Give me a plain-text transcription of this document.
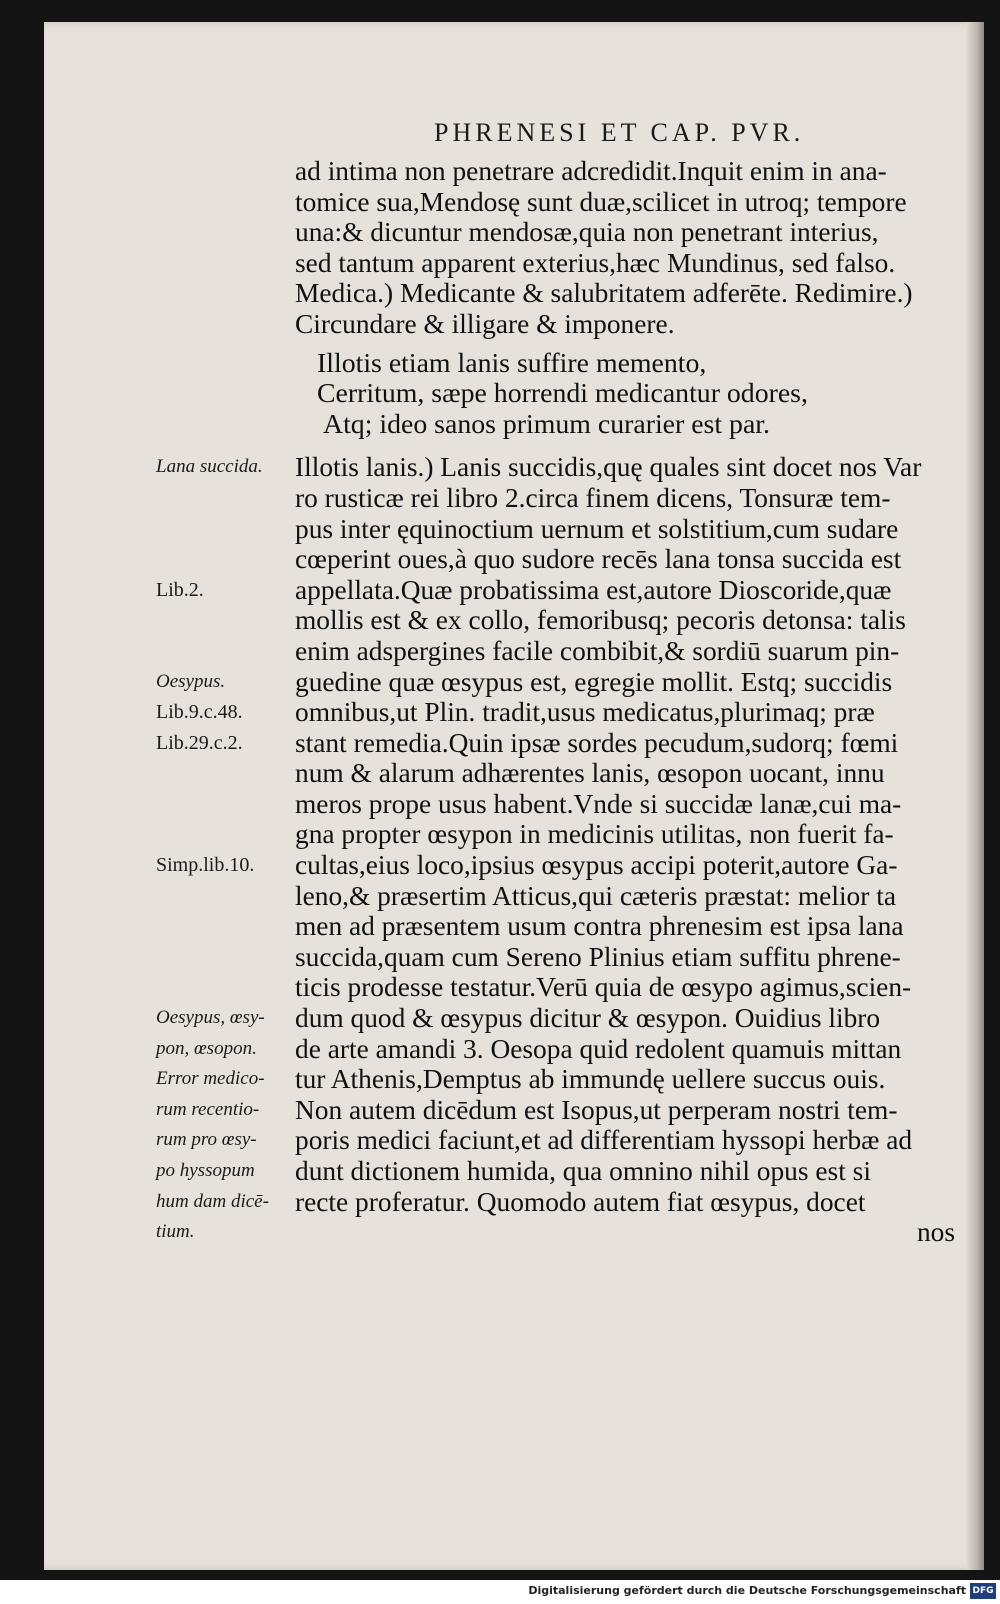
PHRENESI ET CAP. PVR.
ad intima non penetrare adcredidit.Inquit enim in ana-
tomice sua,Mendosę sunt duæ,scilicet in utroq; tempore
una:& dicuntur mendosæ,quia non penetrant interius,
sed tantum apparent exterius,hæc Mundinus, sed falso.
Medica.) Medicante & salubritatem adferēte. Redimire.)
Circundare & illigare & imponere.
Illotis etiam lanis suffire memento,
Cerritum, sæpe horrendi medicantur odores,
Atq; ideo sanos primum curarier est par.
Illotis lanis.) Lanis succidis,quę quales sint docet nos Var
ro rusticæ rei libro 2.circa finem dicens, Tonsuræ tem-
pus inter ęquinoctium uernum et solstitium,cum sudare
cœperint oues,à quo sudore recēs lana tonsa succida est
appellata.Quæ probatissima est,autore Dioscoride,quæ
mollis est & ex collo, femoribusq; pecoris detonsa: talis
enim adspergines facile combibit,& sordiū suarum pin-
guedine quæ œsypus est, egregie mollit. Estq; succidis
omnibus,ut Plin. tradit,usus medicatus,plurimaq; præ
stant remedia.Quin ipsæ sordes pecudum,sudorq; fœmi
num & alarum adhærentes lanis, œsopon uocant, innu
meros prope usus habent.Vnde si succidæ lanæ,cui ma-
gna propter œsypon in medicinis utilitas, non fuerit fa-
cultas,eius loco,ipsius œsypus accipi poterit,autore Ga-
leno,& præsertim Atticus,qui cæteris præstat: melior ta
men ad præsentem usum contra phrenesim est ipsa lana
succida,quam cum Sereno Plinius etiam suffitu phrene-
ticis prodesse testatur.Verū quia de œsypo agimus,scien-
dum quod & œsypus dicitur & œsypon. Ouidius libro
de arte amandi 3. Oesopa quid redolent quamuis mittan
tur Athenis,Demptus ab immundę uellere succus ouis.
Non autem dicēdum est Isopus,ut perperam nostri tem-
poris medici faciunt,et ad differentiam hyssopi herbæ ad
dunt dictionem humida, qua omnino nihil opus est si
recte proferatur. Quomodo autem fiat œsypus, docet
nos
Lana succida.
Lib.2.
Oesypus.
Lib.9.c.48.
Lib.29.c.2.
Simp.lib.10.
Oesypus, œsy-
pon, œsopon.
Error medico-
rum recentio-
rum pro œsy-
po hyssopum
hum dam dicē-
tium.
Digitalisierung gefördert durch die Deutsche Forschungsgemeinschaft DFG
